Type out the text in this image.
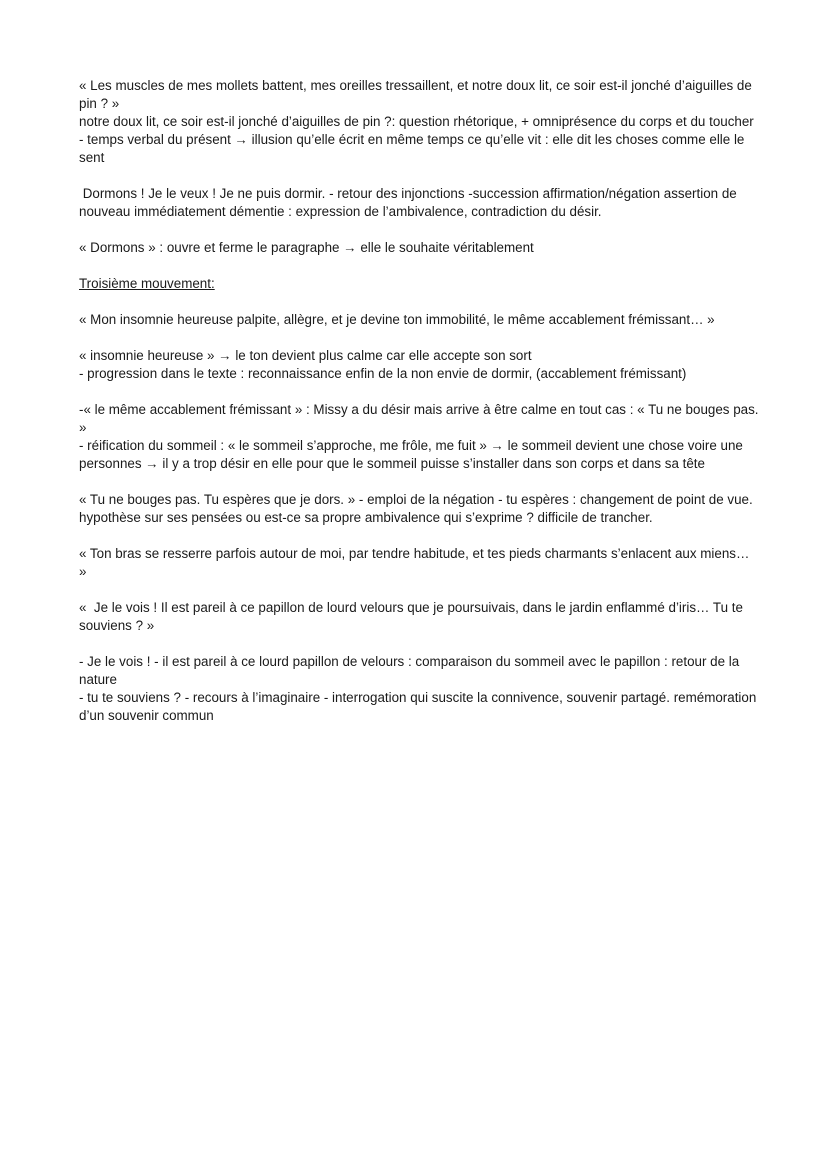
« Les muscles de mes mollets battent, mes oreilles tressaillent, et notre doux lit, ce soir est-il jonché d’aiguilles de pin ? »
notre doux lit, ce soir est-il jonché d’aiguilles de pin ?: question rhétorique, + omniprésence du corps et du toucher
- temps verbal du présent → illusion qu’elle écrit en même temps ce qu’elle vit : elle dit les choses comme elle le sent
Dormons ! Je le veux ! Je ne puis dormir. - retour des injonctions -succession affirmation/négation assertion de nouveau immédiatement démentie : expression de l’ambivalence, contradiction du désir.
« Dormons » : ouvre et ferme le paragraphe → elle le souhaite véritablement
Troisième mouvement:
« Mon insomnie heureuse palpite, allègre, et je devine ton immobilité, le même accablement frémissant… »
« insomnie heureuse » → le ton devient plus calme car elle accepte son sort
- progression dans le texte : reconnaissance enfin de la non envie de dormir, (accablement frémissant)
-« le même accablement frémissant » : Missy a du désir mais arrive à être calme en tout cas : « Tu ne bouges pas. »
- réification du sommeil : « le sommeil s’approche, me frôle, me fuit » → le sommeil devient une chose voire une personnes → il y a trop désir en elle pour que le sommeil puisse s’installer dans son corps et dans sa tête
« Tu ne bouges pas. Tu espères que je dors. » - emploi de la négation - tu espères : changement de point de vue. hypothèse sur ses pensées ou est-ce sa propre ambivalence qui s’exprime ? difficile de trancher.
« Ton bras se resserre parfois autour de moi, par tendre habitude, et tes pieds charmants s’enlacent aux miens… »
«  Je le vois ! Il est pareil à ce papillon de lourd velours que je poursuivais, dans le jardin enflammé d’iris… Tu te souviens ? »
- Je le vois ! - il est pareil à ce lourd papillon de velours : comparaison du sommeil avec le papillon : retour de la nature
- tu te souviens ? - recours à l’imaginaire - interrogation qui suscite la connivence, souvenir partagé. remémoration d’un souvenir commun
